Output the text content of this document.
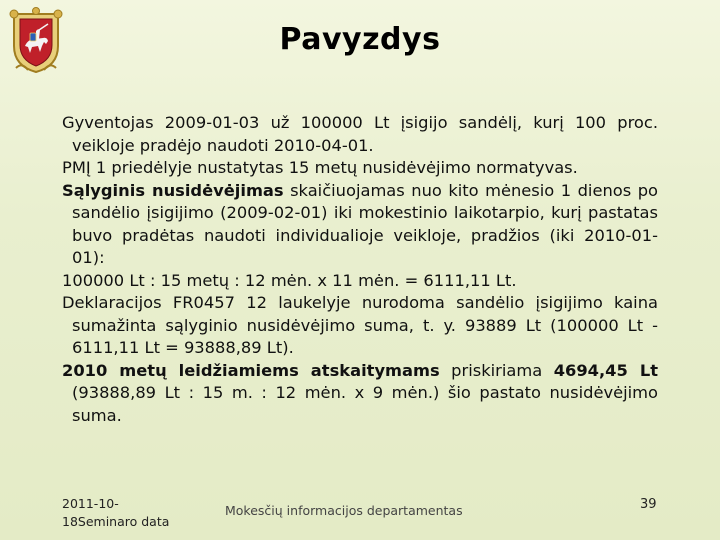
Pavyzdys

Gyventojas 2009-01-03 už 100000 Lt įsigijo sandėlį, kurį 100 proc. veikloje pradėjo naudoti 2010-04-01.

PMĮ 1 priedėlyje nustatytas 15 metų nusidėvėjimo normatyvas.

Sąlyginis nusidėvėjimas skaičiuojamas nuo kito mėnesio 1 dienos po sandėlio įsigijimo (2009-02-01) iki mokestinio laikotarpio, kurį pastatas buvo pradėtas naudoti individualioje veikloje, pradžios (iki 2010-01-01):

100000 Lt : 15 metų : 12 mėn. x 11 mėn. = 6111,11 Lt.

Deklaracijos FR0457 12 laukelyje nurodoma sandėlio įsigijimo kaina sumažinta sąlyginio nusidėvėjimo suma, t. y. 93889 Lt (100000 Lt - 6111,11 Lt = 93888,89 Lt).

2010 metų leidžiamiems atskaitymams priskiriama 4694,45 Lt (93888,89 Lt : 15 m. : 12 mėn. x 9 mėn.) šio pastato nusidėvėjimo suma.

2011-10-18Seminaro data
Mokesčių informacijos departamentas	39
